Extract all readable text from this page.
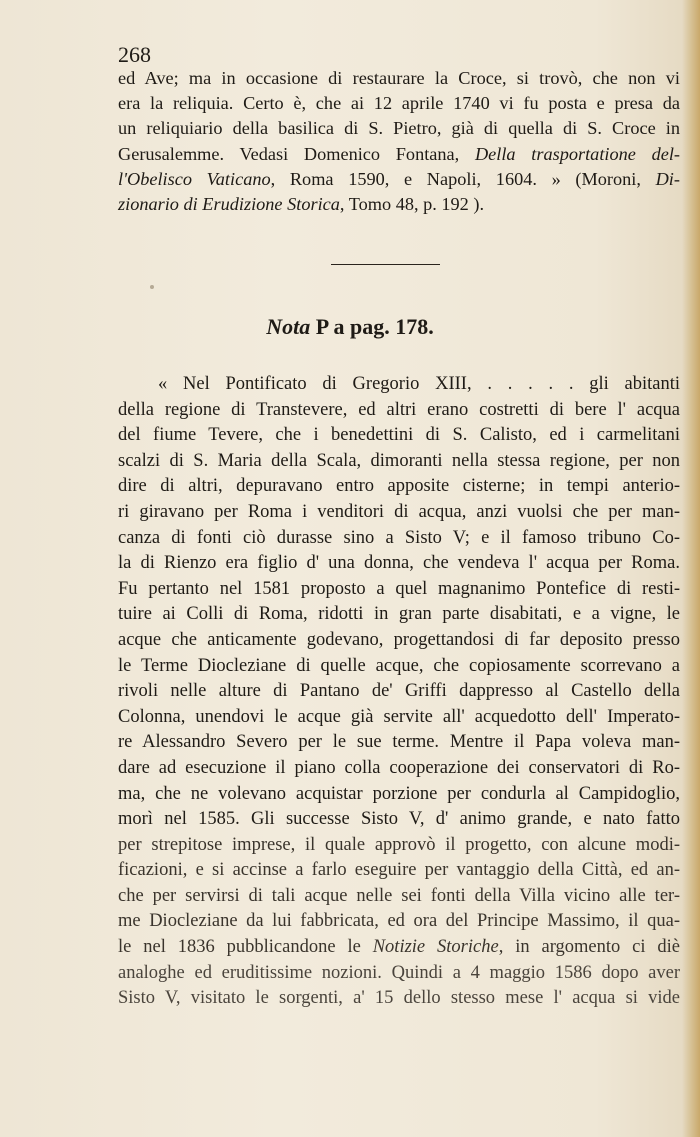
268
ed Ave; ma in occasione di restaurare la Croce, si trovò, che non vi
era la reliquia. Certo è, che ai 12 aprile 1740 vi fu posta e presa da
un reliquiario della basilica di S. Pietro, già di quella di S. Croce in
Gerusalemme. Vedasi Domenico Fontana, Della trasportatione del-
l'Obelisco Vaticano, Roma 1590, e Napoli, 1604. » (Moroni, Di-
zionario di Erudizione Storica, Tomo 48, p. 192 ).
Nota P a pag. 178.
« Nel Pontificato di Gregorio XIII, . . . . . gli abitanti
della regione di Transtevere, ed altri erano costretti di bere l' acqua
del fiume Tevere, che i benedettini di S. Calisto, ed i carmelitani
scalzi di S. Maria della Scala, dimoranti nella stessa regione, per non
dire di altri, depuravano entro apposite cisterne; in tempi anterio-
ri giravano per Roma i venditori di acqua, anzi vuolsi che per man-
canza di fonti ciò durasse sino a Sisto V; e il famoso tribuno Co-
la di Rienzo era figlio d' una donna, che vendeva l' acqua per Roma.
Fu pertanto nel 1581 proposto a quel magnanimo Pontefice di resti-
tuire ai Colli di Roma, ridotti in gran parte disabitati, e a vigne, le
acque che anticamente godevano, progettandosi di far deposito presso
le Terme Diocleziane di quelle acque, che copiosamente scorrevano a
rivoli nelle alture di Pantano de' Griffi dappresso al Castello della
Colonna, unendovi le acque già servite all' acquedotto dell' Imperato-
re Alessandro Severo per le sue terme. Mentre il Papa voleva man-
dare ad esecuzione il piano colla cooperazione dei conservatori di Ro-
ma, che ne volevano acquistar porzione per condurla al Campidoglio,
morì nel 1585. Gli successe Sisto V, d' animo grande, e nato fatto
per strepitose imprese, il quale approvò il progetto, con alcune modi-
ficazioni, e si accinse a farlo eseguire per vantaggio della Città, ed an-
che per servirsi di tali acque nelle sei fonti della Villa vicino alle ter-
me Diocleziane da lui fabbricata, ed ora del Principe Massimo, il qua-
le nel 1836 pubblicandone le Notizie Storiche, in argomento ci diè
analoghe ed eruditissime nozioni. Quindi a 4 maggio 1586 dopo aver
Sisto V, visitato le sorgenti, a' 15 dello stesso mese l' acqua si vide
